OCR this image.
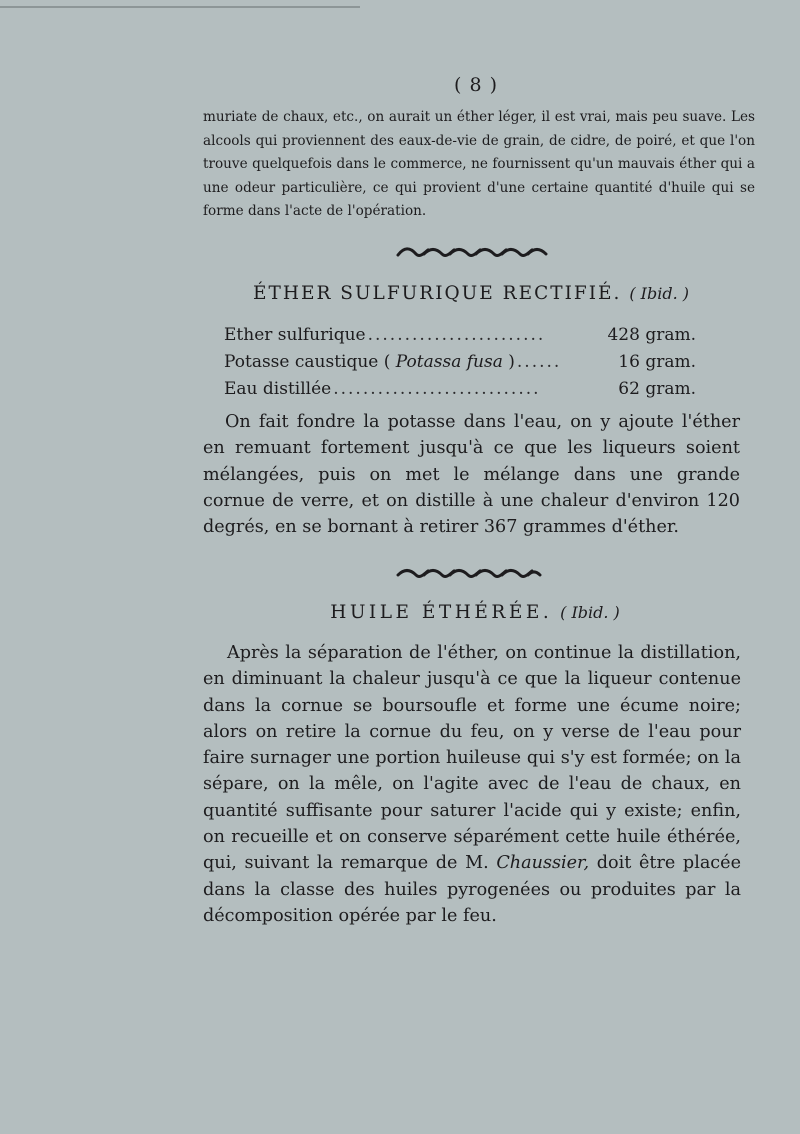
( 8 )

muriate de chaux, etc., on aurait un éther léger, il est vrai, mais peu suave. Les alcools qui proviennent des eaux-de-vie de grain, de cidre, de poiré, et que l'on trouve quelquefois dans le commerce, ne fournissent qu'un mauvais éther qui a une odeur particulière, ce qui provient d'une certaine quantité d'huile qui se forme dans l'acte de l'opération.

ÉTHER SULFURIQUE RECTIFIÉ. ( Ibid. )
Ether sulfurique ........................	428 gram.
Potasse caustique ( Potassa fusa ) ......	16 gram.
Eau distillée ............................	62 gram.

On fait fondre la potasse dans l'eau, on y ajoute l'éther en remuant fortement jusqu'à ce que les liqueurs soient mélangées, puis on met le mélange dans une grande cornue de verre, et on distille à une chaleur d'environ 120 degrés, en se bornant à retirer 367 grammes d'éther.

HUILE ÉTHÉRÉE. ( Ibid. )

Après la séparation de l'éther, on continue la distillation, en diminuant la chaleur jusqu'à ce que la liqueur contenue dans la cornue se boursoufle et forme une écume noire; alors on retire la cornue du feu, on y verse de l'eau pour faire surnager une portion huileuse qui s'y est formée; on la sépare, on la mêle, on l'agite avec de l'eau de chaux, en quantité suffisante pour saturer l'acide qui y existe; enfin, on recueille et on conserve séparément cette huile éthérée, qui, suivant la remarque de M. Chaussier, doit être placée dans la classe des huiles pyrogenées ou produites par la décomposition opérée par le feu.
